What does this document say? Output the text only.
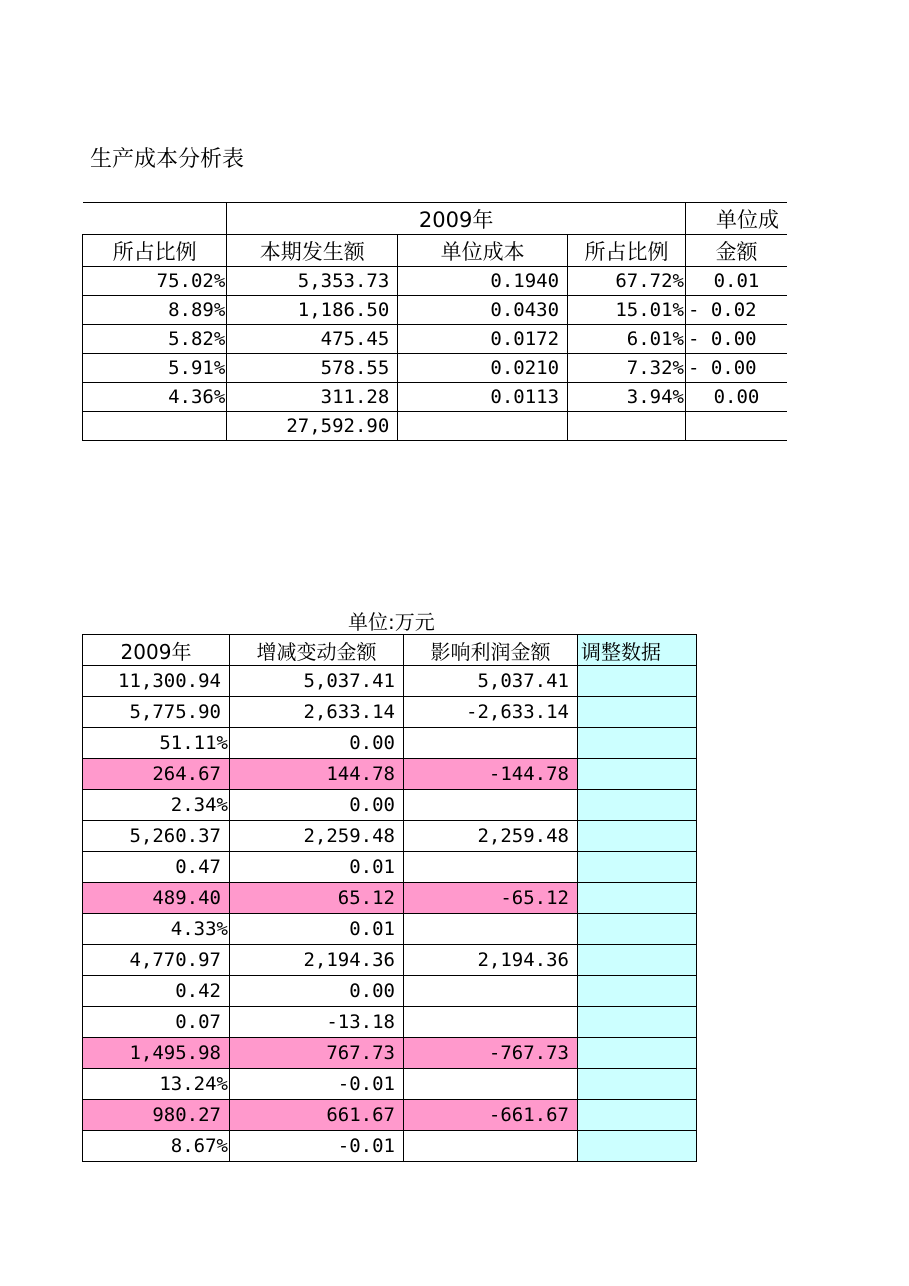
生产成本分析表
	2009年			单位成
所占比例	本期发生额	单位成本	所占比例	金额
75.02%	5,353.73	0.1940	67.72%	0.01
8.89%	1,186.50	0.0430	15.01%	- 0.02
5.82%	475.45	0.0172	6.01%	- 0.00
5.91%	578.55	0.0210	7.32%	- 0.00
4.36%	311.28	0.0113	3.94%	0.00
	27,592.90			
单位:万元
2009年	增减变动金额	影响利润金额	调整数据
11,300.94	5,037.41	5,037.41	
5,775.90	2,633.14	-2,633.14	
51.11%	0.00		
264.67	144.78	-144.78	
2.34%	0.00		
5,260.37	2,259.48	2,259.48	
0.47	0.01		
489.40	65.12	-65.12	
4.33%	0.01		
4,770.97	2,194.36	2,194.36	
0.42	0.00		
0.07	-13.18		
1,495.98	767.73	-767.73	
13.24%	-0.01		
980.27	661.67	-661.67	
8.67%	-0.01		
